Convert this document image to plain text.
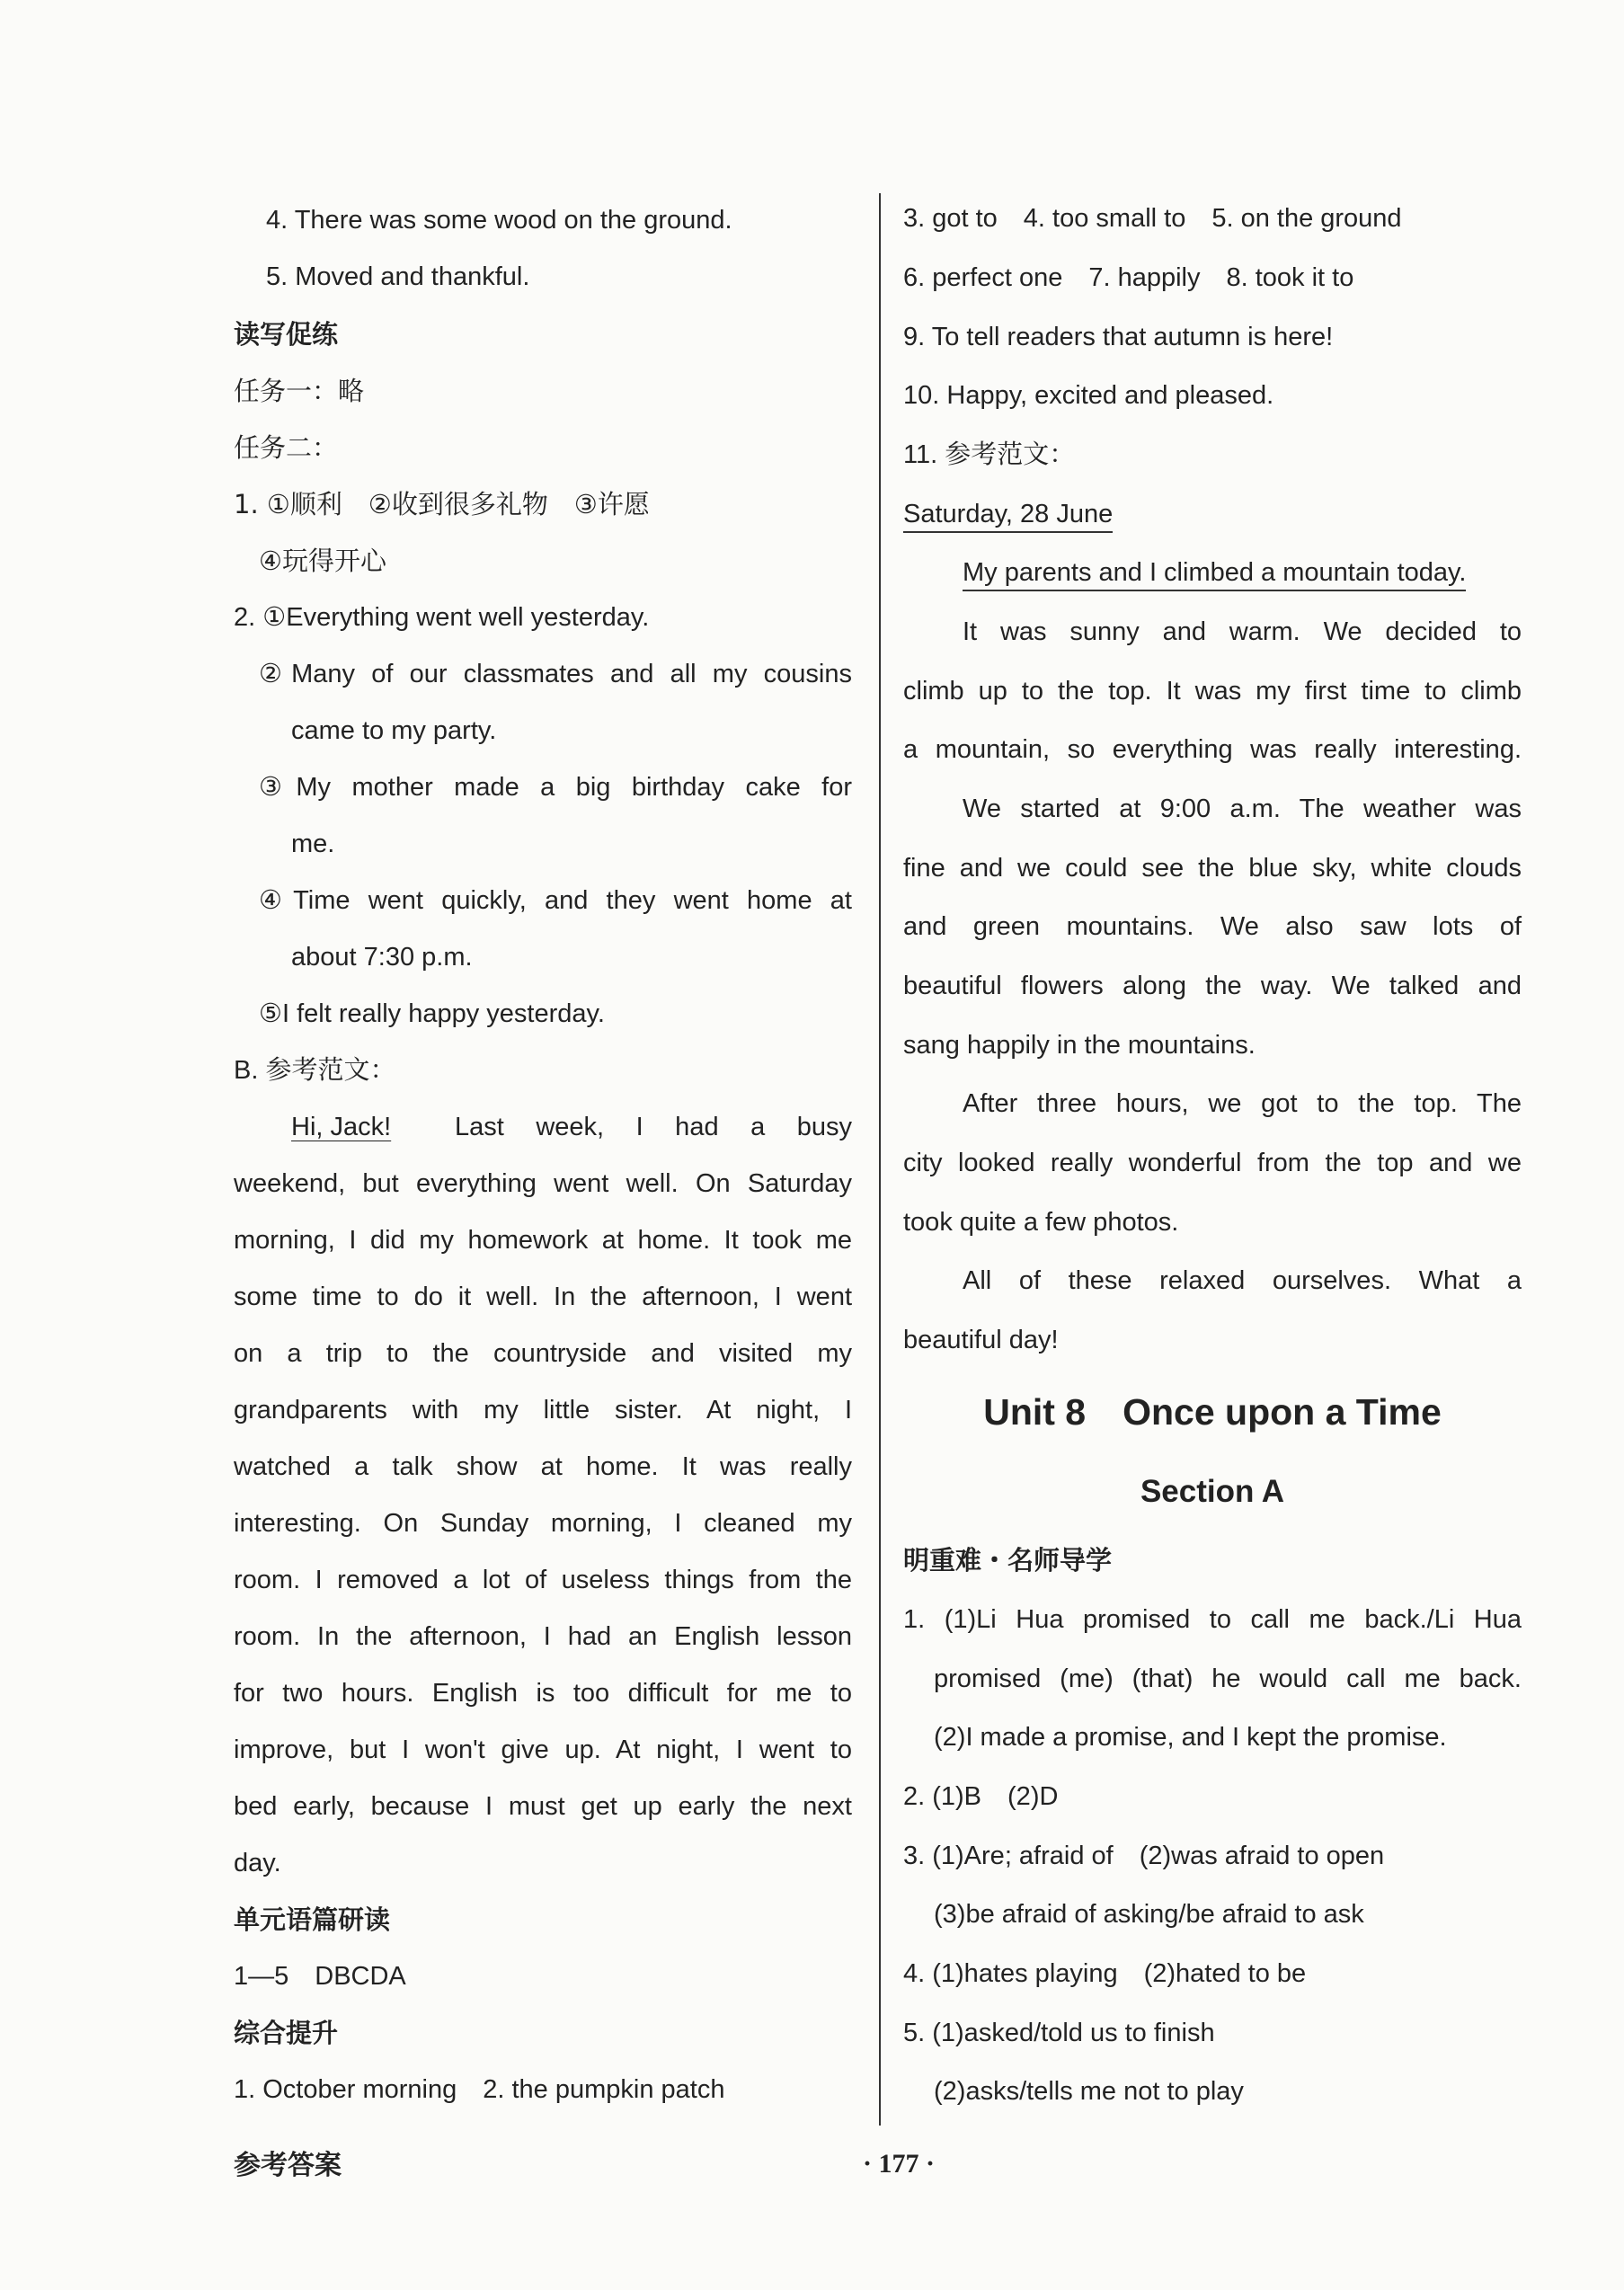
4. There was some wood on the ground.
5. Moved and thankful.
读写促练
任务一：略
任务二：
1. ①顺利　②收到很多礼物　③许愿
④玩得开心
2. ①Everything went well yesterday.
②Many of our classmates and all my cousins
came to my party.
③My mother made a big birthday cake for
me.
④Time went quickly, and they went home at
about 7:30 p.m.
⑤I felt really happy yesterday.
B. 参考范文：
Hi, Jack!	Last week, I had a busy
weekend, but everything went well. On Saturday
morning, I did my homework at home. It took me
some time to do it well. In the afternoon, I went
on a trip to the countryside and visited my
grandparents with my little sister. At night, I
watched a talk show at home. It was really
interesting. On Sunday morning, I cleaned my
room. I removed a lot of useless things from the
room. In the afternoon, I had an English lesson
for two hours. English is too difficult for me to
improve, but I won't give up. At night, I went to
bed early, because I must get up early the next
day.
单元语篇研读
1—5　DBCDA
综合提升
1. October morning　2. the pumpkin patch
3. got to　4. too small to　5. on the ground
6. perfect one　7. happily　8. took it to
9. To tell readers that autumn is here!
10. Happy, excited and pleased.
11. 参考范文：
Saturday, 28 June
My parents and I climbed a mountain today.
It was sunny and warm. We decided to
climb up to the top. It was my first time to climb
a mountain, so everything was really interesting.
We started at 9:00 a.m. The weather was
fine and we could see the blue sky, white clouds
and green mountains. We also saw lots of
beautiful flowers along the way. We talked and
sang happily in the mountains.
After three hours, we got to the top. The
city looked really wonderful from the top and we
took quite a few photos.
All of these relaxed ourselves. What a
beautiful day!
Unit 8　Once upon a Time
Section A
明重难・名师导学
1. (1)Li Hua promised to call me back./Li Hua
promised (me) (that) he would call me back.
(2)I made a promise, and I kept the promise.
2. (1)B　(2)D
3. (1)Are; afraid of　(2)was afraid to open
(3)be afraid of asking/be afraid to ask
4. (1)hates playing　(2)hated to be
5. (1)asked/told us to finish
(2)asks/tells me not to play
参考答案	· 177 ·
